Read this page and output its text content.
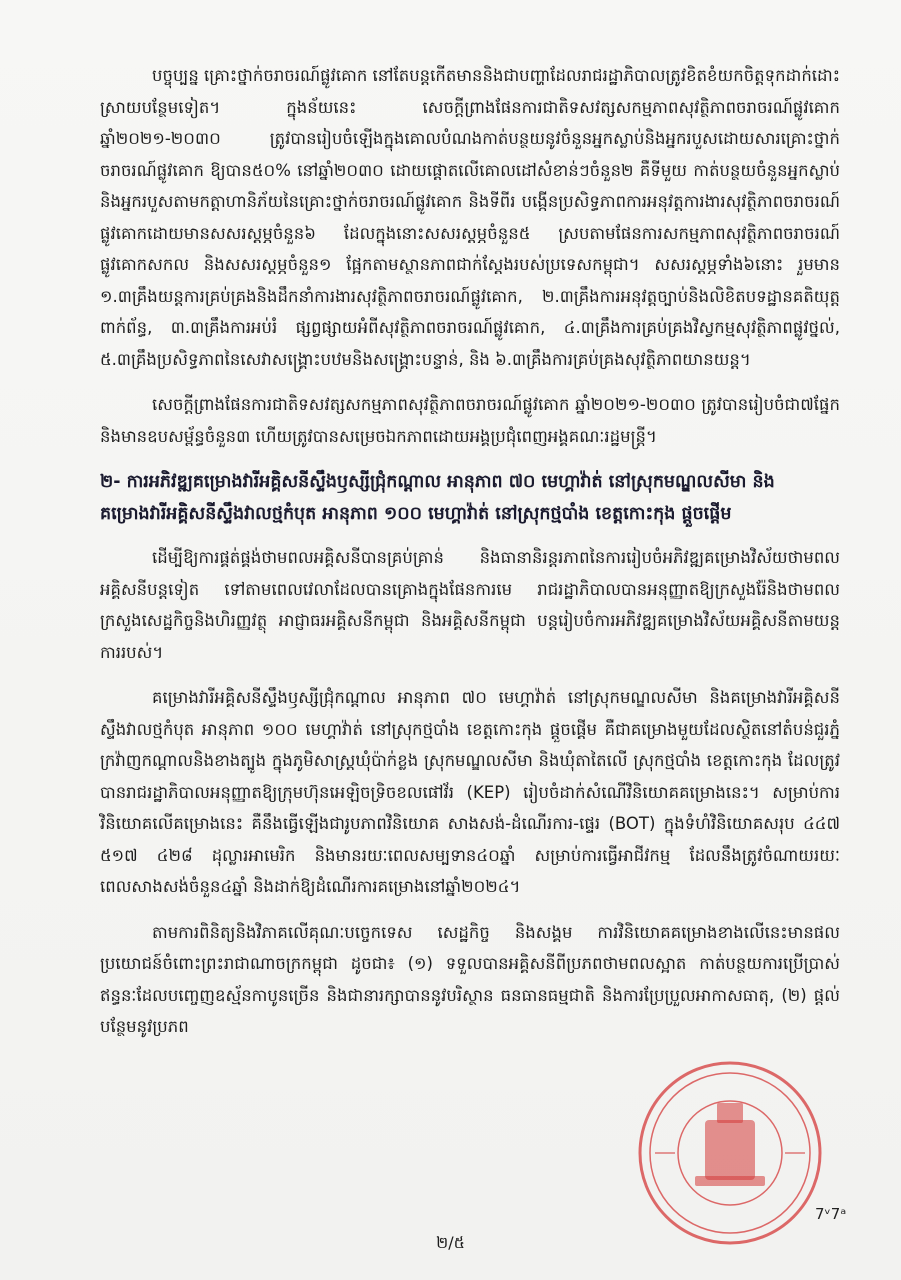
បច្ចុប្បន្ន គ្រោះថ្នាក់ចរាចរណ៍ផ្លូវគោក នៅតែបន្តកើតមាននិងជាបញ្ហាដែលរាជរដ្ឋាភិបាលត្រូវខិតខំយកចិត្តទុកដាក់ដោះស្រាយបន្ថែមទៀត។ ក្នុងន័យនេះ សេចក្តីព្រាងផែនការជាតិទសវត្សសកម្មភាពសុវត្ថិភាពចរាចរណ៍ផ្លូវគោក ឆ្នាំ២០២១-២០៣០ ត្រូវបានរៀបចំឡើងក្នុងគោលបំណងកាត់បន្ថយនូវចំនួនអ្នកស្លាប់និងអ្នករបួសដោយសារគ្រោះថ្នាក់ចរាចរណ៍ផ្លូវគោក ឱ្យបាន៥០% នៅឆ្នាំ២០៣០ ដោយផ្តោតលើគោលដៅសំខាន់ៗចំនួន២ គឺទីមួយ កាត់បន្ថយចំនួនអ្នកស្លាប់និងអ្នករបួសតាមកត្តាហានិភ័យនៃគ្រោះថ្នាក់ចរាចរណ៍ផ្លូវគោក និងទីពីរ បង្កើនប្រសិទ្ធភាពការអនុវត្តការងារសុវត្ថិភាពចរាចរណ៍ផ្លូវគោកដោយមានសសរស្តម្ភចំនួន៦ ដែលក្នុងនោះសសរស្តម្ភចំនួន៥ ស្របតាមផែនការសកម្មភាពសុវត្ថិភាពចរាចរណ៍ផ្លូវគោកសកល និងសសរស្តម្ភចំនួន១ ផ្អែកតាមស្ថានភាពជាក់ស្តែងរបស់ប្រទេសកម្ពុជា។ សសរស្តម្ភទាំង៦នោះ រួមមាន ១.៣គ្រឹងយន្តការគ្រប់គ្រងនិងដឹកនាំការងារសុវត្ថិភាពចរាចរណ៍ផ្លូវគោក, ២.៣គ្រឹងការអនុវត្តច្បាប់និងលិខិតបទដ្ឋានគតិយុត្តពាក់ព័ន្ធ, ៣.៣គ្រឹងការអប់រំ ផ្សព្វផ្សាយអំពីសុវត្ថិភាពចរាចរណ៍ផ្លូវគោក, ៤.៣គ្រឹងការគ្រប់គ្រងវិស្វកម្មសុវត្ថិភាពផ្លូវថ្នល់, ៥.៣គ្រឹងប្រសិទ្ធភាពនៃសេវាសង្គ្រោះបឋមនិងសង្គ្រោះបន្ទាន់, និង ៦.៣គ្រឹងការគ្រប់គ្រងសុវត្ថិភាពយានយន្ត។

សេចក្តីព្រាងផែនការជាតិទសវត្សសកម្មភាពសុវត្ថិភាពចរាចរណ៍ផ្លូវគោក ឆ្នាំ២០២១-២០៣០ ត្រូវបានរៀបចំជា៧ផ្នែក និងមានឧបសម្ព័ន្ធចំនួន៣ ហើយត្រូវបានសម្រេចឯកភាពដោយអង្គប្រជុំពេញអង្គគណៈរដ្ឋមន្ត្រី។

២- ការអភិវឌ្ឍគម្រោងវារីអគ្គិសនីស្ទឹងឫស្សីជ្រុំកណ្តាល អានុភាព ៧០ មេហ្គាវ៉ាត់ នៅស្រុកមណ្ឌលសីមា និងគម្រោងវារីអគ្គិសនីស្ទឹងវាលថ្មកំបុត អានុភាព ១០០ មេហ្គាវ៉ាត់ នៅស្រុកថ្មបាំង ខេត្តកោះកុង ផ្តួចផ្តើម

ដើម្បីឱ្យការផ្គត់ផ្គង់ថាមពលអគ្គិសនីបានគ្រប់គ្រាន់ និងធានានិរន្តរភាពនៃការរៀបចំអភិវឌ្ឍគម្រោងវិស័យថាមពលអគ្គិសនីបន្តទៀត ទៅតាមពេលវេលាដែលបានគ្រោងក្នុងផែនការមេ រាជរដ្ឋាភិបាលបានអនុញ្ញាតឱ្យក្រសួងរ៉ែនិងថាមពល ក្រសួងសេដ្ឋកិច្ចនិងហិរញ្ញវត្ថុ អាជ្ញាធរអគ្គិសនីកម្ពុជា និងអគ្គិសនីកម្ពុជា បន្តរៀបចំការអភិវឌ្ឍគម្រោងវិស័យអគ្គិសនីតាមយន្តការរបស់។

គម្រោងវារីអគ្គិសនីស្ទឹងឫស្សីជ្រុំកណ្តាល អានុភាព ៧០ មេហ្គាវ៉ាត់ នៅស្រុកមណ្ឌលសីមា និងគម្រោងវារីអគ្គិសនីស្ទឹងវាលថ្មកំបុត អានុភាព ១០០ មេហ្គាវ៉ាត់ នៅស្រុកថ្មបាំង ខេត្តកោះកុង ផ្តួចផ្តើម គឺជាគម្រោងមួយដែលស្ថិតនៅតំបន់ជួរភ្នំក្រវ៉ាញកណ្តាលនិងខាងត្បូង ក្នុងភូមិសាស្ត្រឃុំប៉ាក់ខ្លង ស្រុកមណ្ឌលសីមា និងឃុំតាតៃលើ ស្រុកថ្មបាំង ខេត្តកោះកុង ដែលត្រូវបានរាជរដ្ឋាភិបាលអនុញ្ញាតឱ្យក្រុមហ៊ុនអេឡិចទ្រិចខលផៅវ័រ (KEP) រៀបចំដាក់សំណើវិនិយោគគម្រោងនេះ។ សម្រាប់ការវិនិយោគលើគម្រោងនេះ គឺនឹងធ្វើឡើងជារូបភាពវិនិយោគ សាងសង់-ដំណើរការ-ផ្ទេរ (BOT) ក្នុងទំហំវិនិយោគសរុប ៤៤៧ ៥១៧ ៤២៨ ដុល្លារអាមេរិក និងមានរយៈពេលសម្បទាន៤០ឆ្នាំ សម្រាប់ការធ្វើអាជីវកម្ម ដែលនឹងត្រូវចំណាយរយៈពេលសាងសង់ចំនួន៤ឆ្នាំ និងដាក់ឱ្យដំណើរការគម្រោងនៅឆ្នាំ២០២៤។

តាមការពិនិត្យនិងវិភាគលើគុណៈបច្ចេកទេស សេដ្ឋកិច្ច និងសង្គម ការវិនិយោគគម្រោងខាងលើនេះមានផលប្រយោជន៍ចំពោះព្រះរាជាណាចក្រកម្ពុជា ដូចជា៖ (១) ទទួលបានអគ្គិសនីពីប្រភពថាមពលស្អាត កាត់បន្ថយការប្រើប្រាស់ឥន្ធនៈដែលបញ្ចេញឧស្ម័នកាបូនច្រើន និងជានារក្សាបាននូវបរិស្ថាន ធនធានធម្មជាតិ និងការប្រែប្រួលអាកាសធាតុ, (២) ផ្តល់បន្ថែមនូវប្រភព

7ᵛ7ᵃ
២/៥
